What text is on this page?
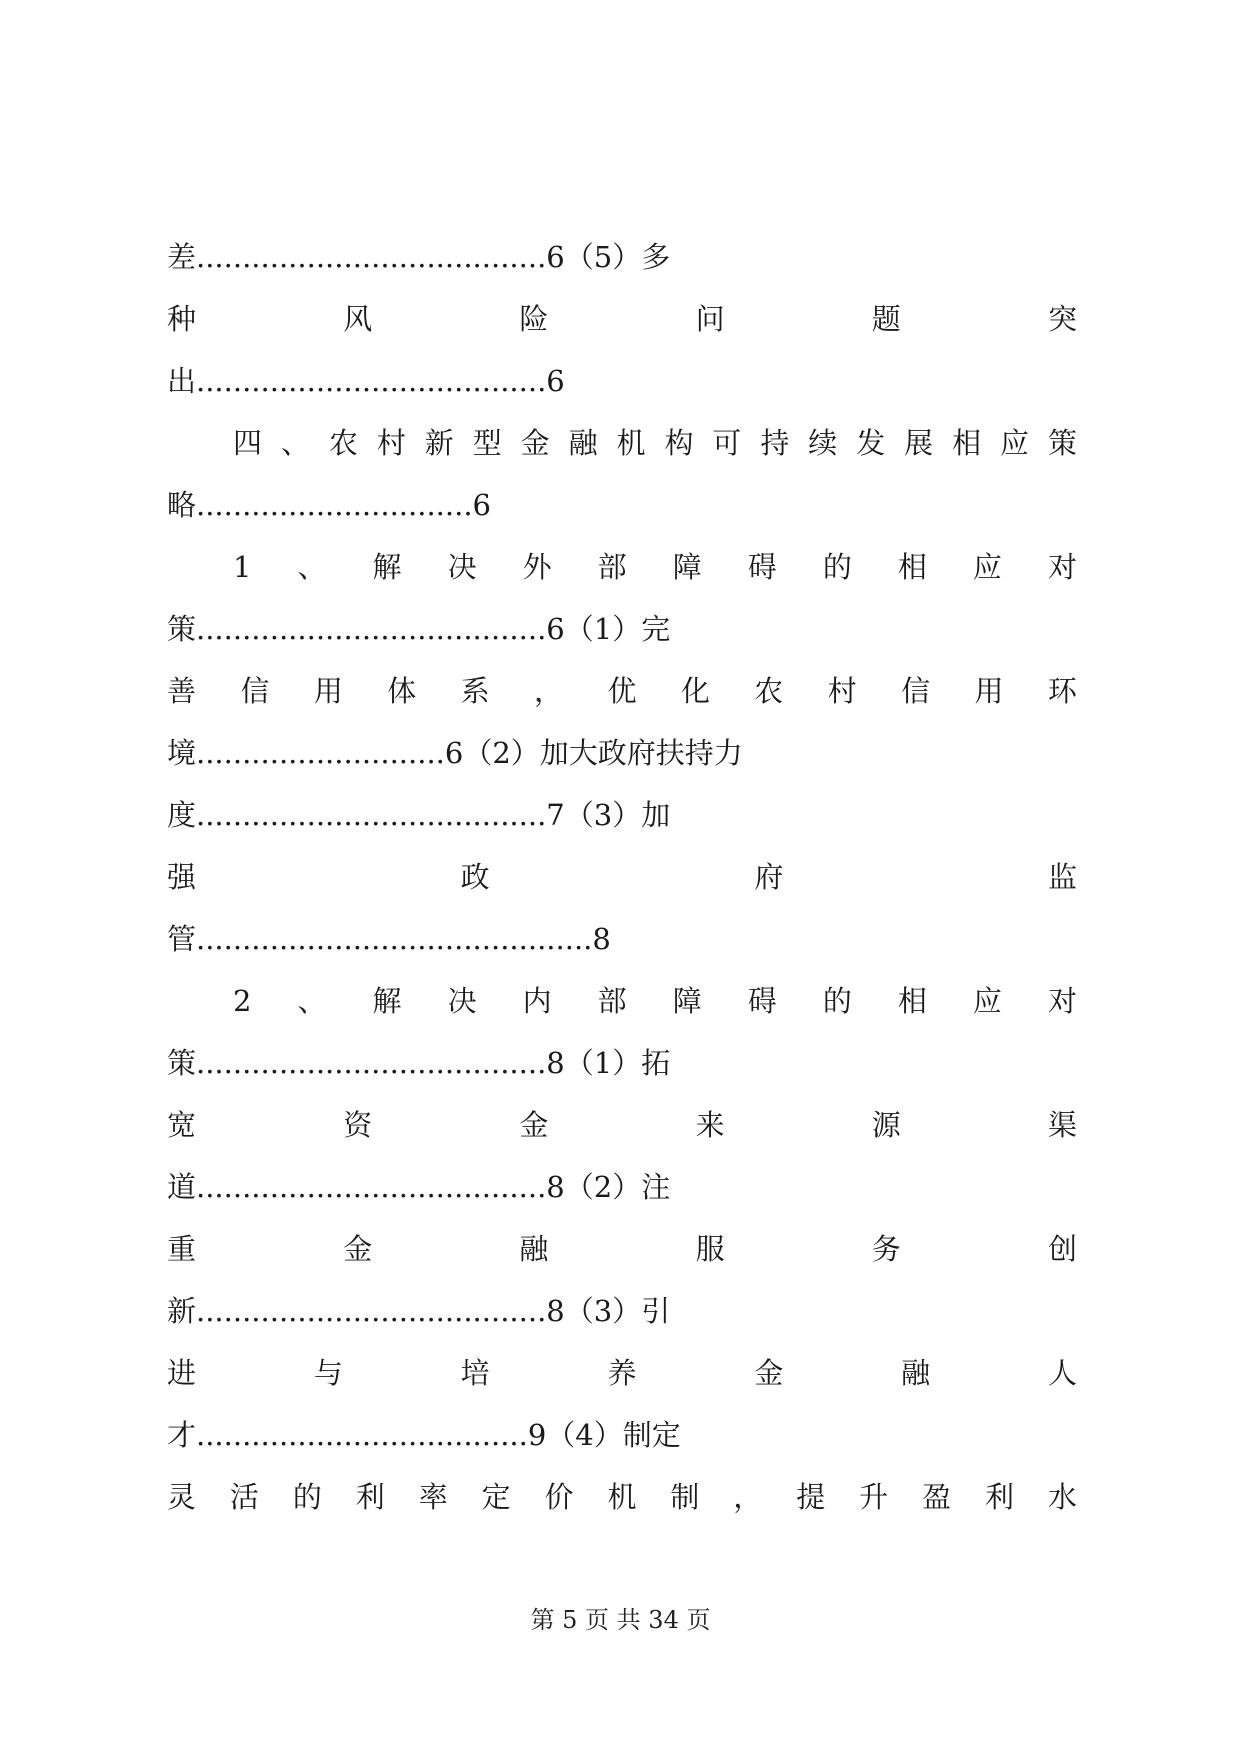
差......................................6（5）多
种	风	险	问	题	突
出......................................6
四 、 农 村 新 型 金 融 机 构 可 持 续 发 展 相 应 策
略..............................6
1 、 解 决 外 部 障 碍 的 相 应 对
策......................................6（1）完
善 信 用 体 系 ， 优 化 农 村 信 用 环
境...........................6（2）加大政府扶持力
度......................................7（3）加
强	政	府	监
管...........................................8
2 、 解 决 内 部 障 碍 的 相 应 对
策......................................8（1）拓
宽	资	金	来	源	渠
道......................................8（2）注
重	金	融	服	务	创
新......................................8（3）引
进	与	培	养	金	融	人
才....................................9（4）制定
灵 活 的 利 率 定 价 机 制 ， 提 升 盈 利 水
第 5 页 共 34 页
